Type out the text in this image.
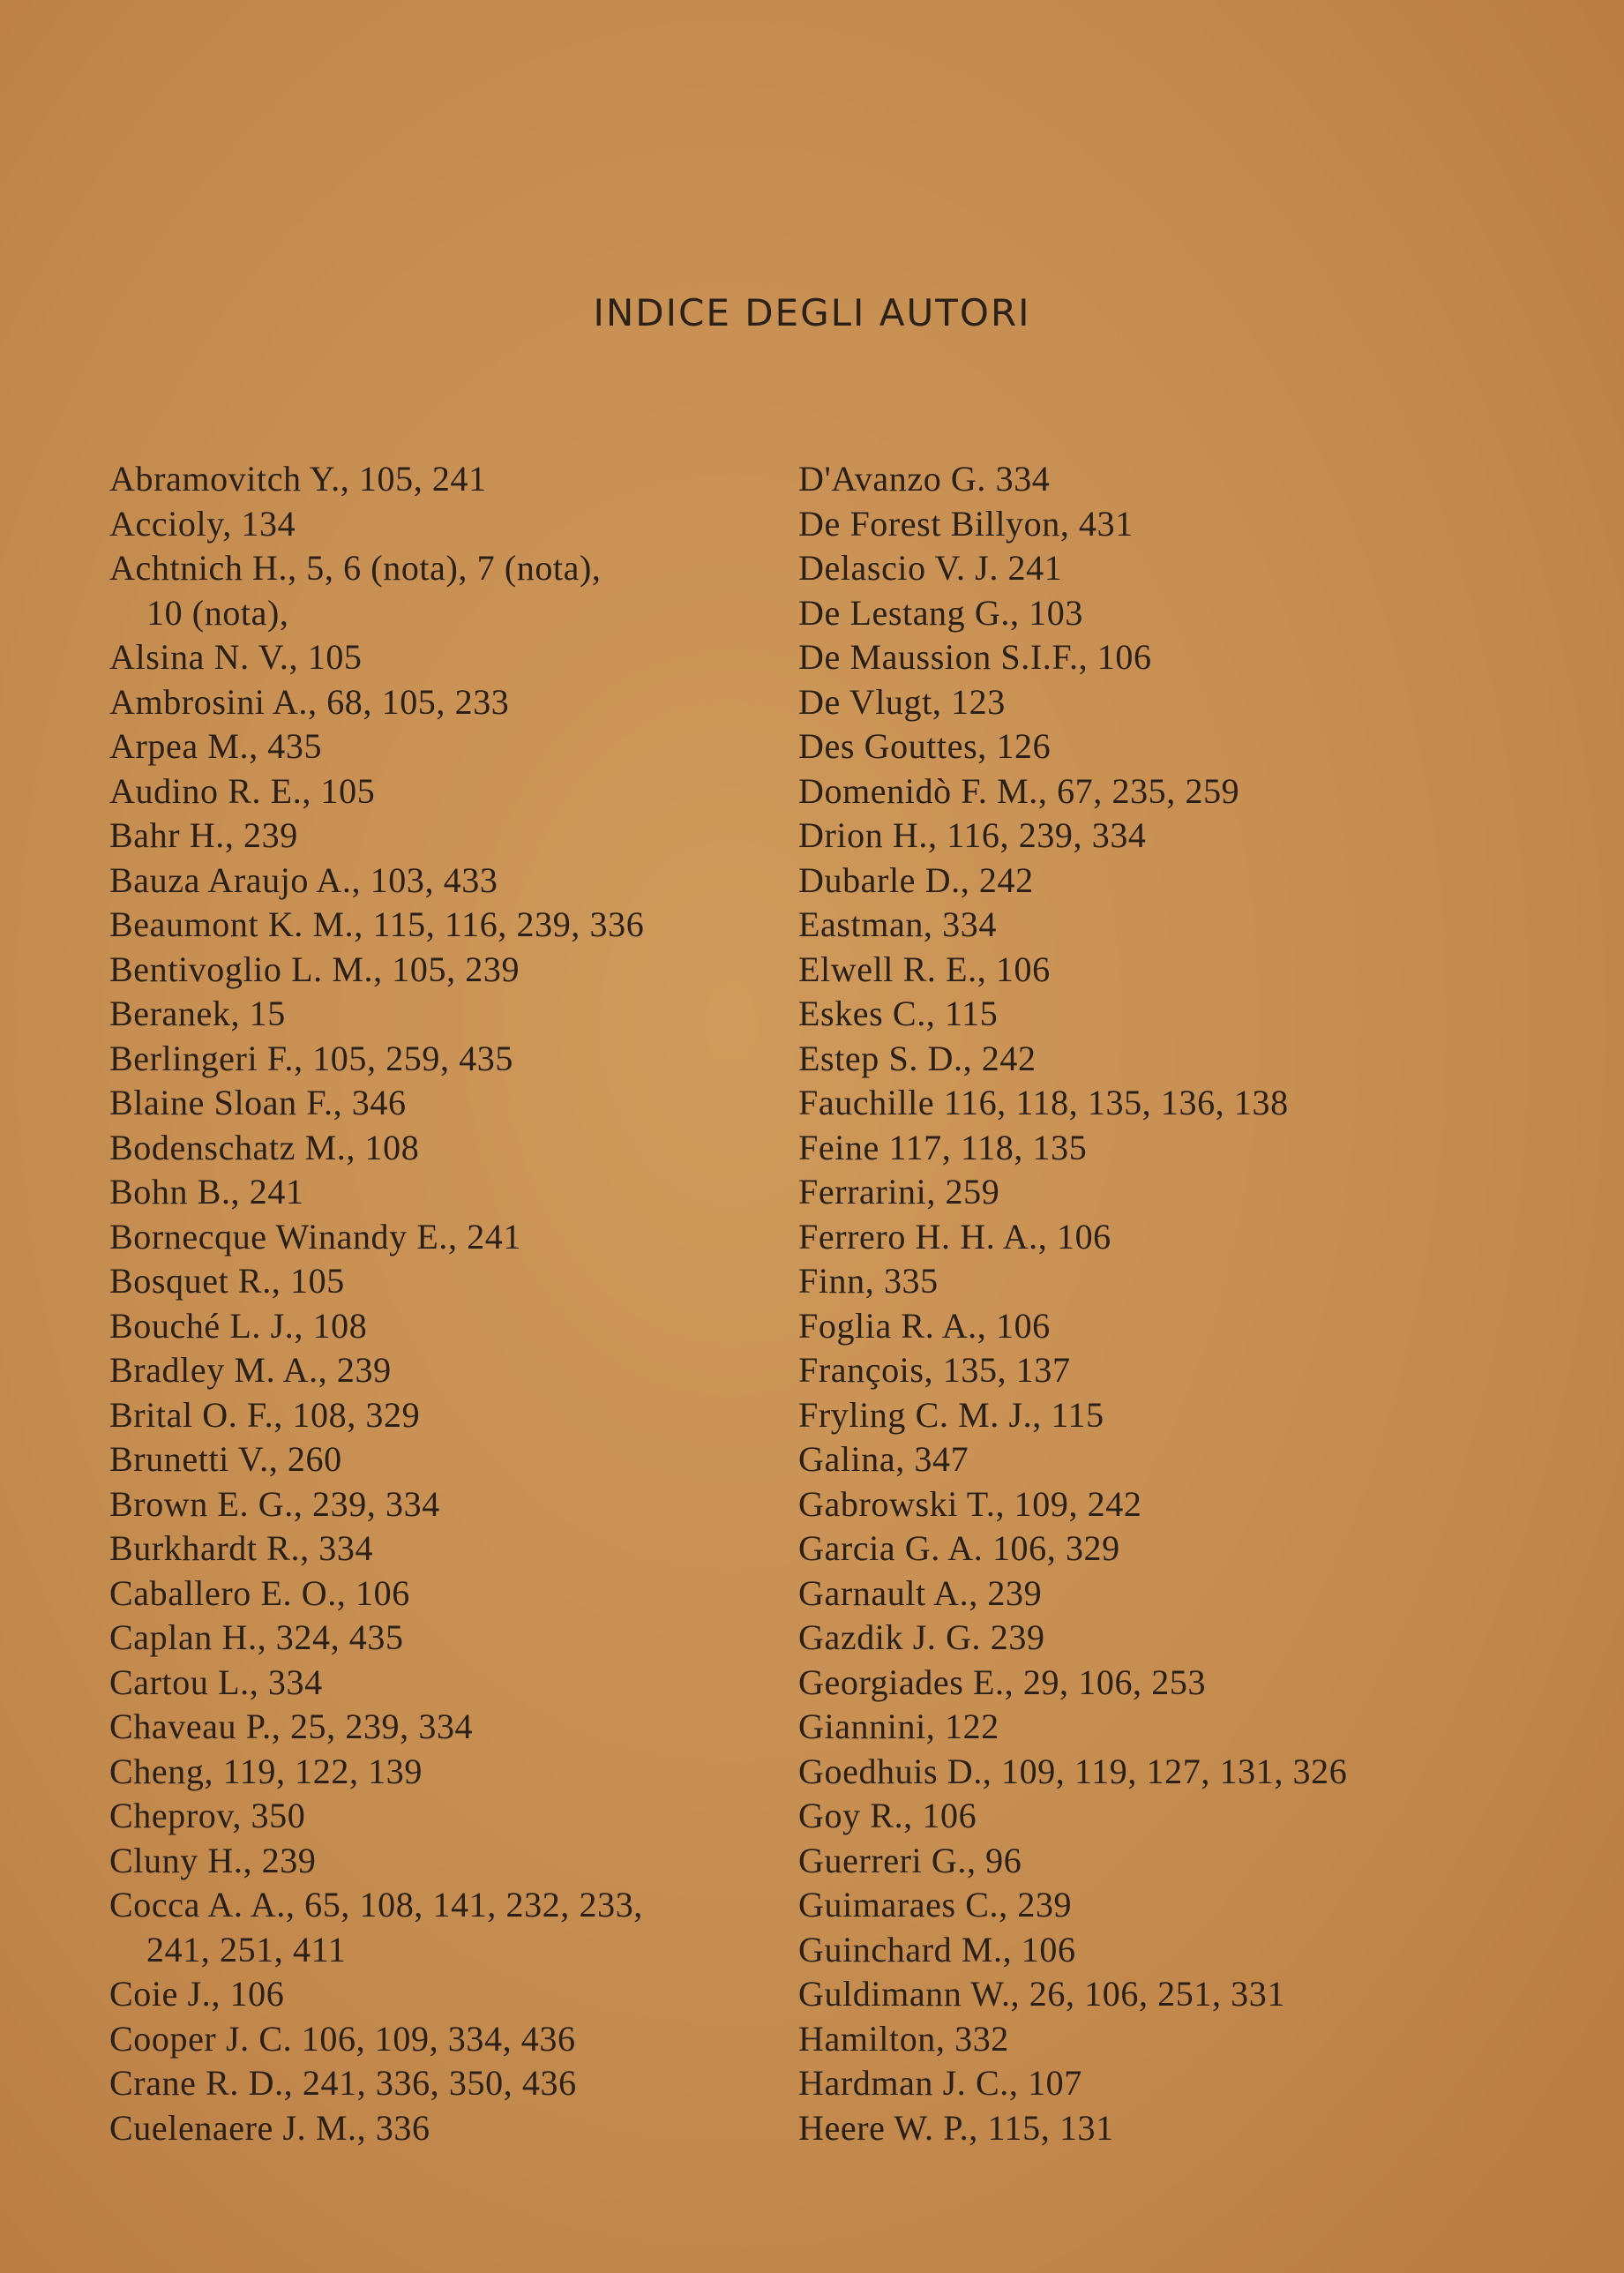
INDICE DEGLI AUTORI
Abramovitch Y., 105, 241
Accioly, 134
Achtnich H., 5, 6 (nota), 7 (nota),
10 (nota),
Alsina N. V., 105
Ambrosini A., 68, 105, 233
Arpea M., 435
Audino R. E., 105
Bahr H., 239
Bauza Araujo A., 103, 433
Beaumont K. M., 115, 116, 239, 336
Bentivoglio L. M., 105, 239
Beranek, 15
Berlingeri F., 105, 259, 435
Blaine Sloan F., 346
Bodenschatz M., 108
Bohn B., 241
Bornecque Winandy E., 241
Bosquet R., 105
Bouché L. J., 108
Bradley M. A., 239
Brital O. F., 108, 329
Brunetti V., 260
Brown E. G., 239, 334
Burkhardt R., 334
Caballero E. O., 106
Caplan H., 324, 435
Cartou L., 334
Chaveau P., 25, 239, 334
Cheng, 119, 122, 139
Cheprov, 350
Cluny H., 239
Cocca A. A., 65, 108, 141, 232, 233,
241, 251, 411
Coie J., 106
Cooper J. C. 106, 109, 334, 436
Crane R. D., 241, 336, 350, 436
Cuelenaere J. M., 336
D'Avanzo G. 334
De Forest Billyon, 431
Delascio V. J. 241
De Lestang G., 103
De Maussion S.I.F., 106
De Vlugt, 123
Des Gouttes, 126
Domenidò F. M., 67, 235, 259
Drion H., 116, 239, 334
Dubarle D., 242
Eastman, 334
Elwell R. E., 106
Eskes C., 115
Estep S. D., 242
Fauchille 116, 118, 135, 136, 138
Feine 117, 118, 135
Ferrarini, 259
Ferrero H. H. A., 106
Finn, 335
Foglia R. A., 106
François, 135, 137
Fryling C. M. J., 115
Galina, 347
Gabrowski T., 109, 242
Garcia G. A. 106, 329
Garnault A., 239
Gazdik J. G. 239
Georgiades E., 29, 106, 253
Giannini, 122
Goedhuis D., 109, 119, 127, 131, 326
Goy R., 106
Guerreri G., 96
Guimaraes C., 239
Guinchard M., 106
Guldimann W., 26, 106, 251, 331
Hamilton, 332
Hardman J. C., 107
Heere W. P., 115, 131
